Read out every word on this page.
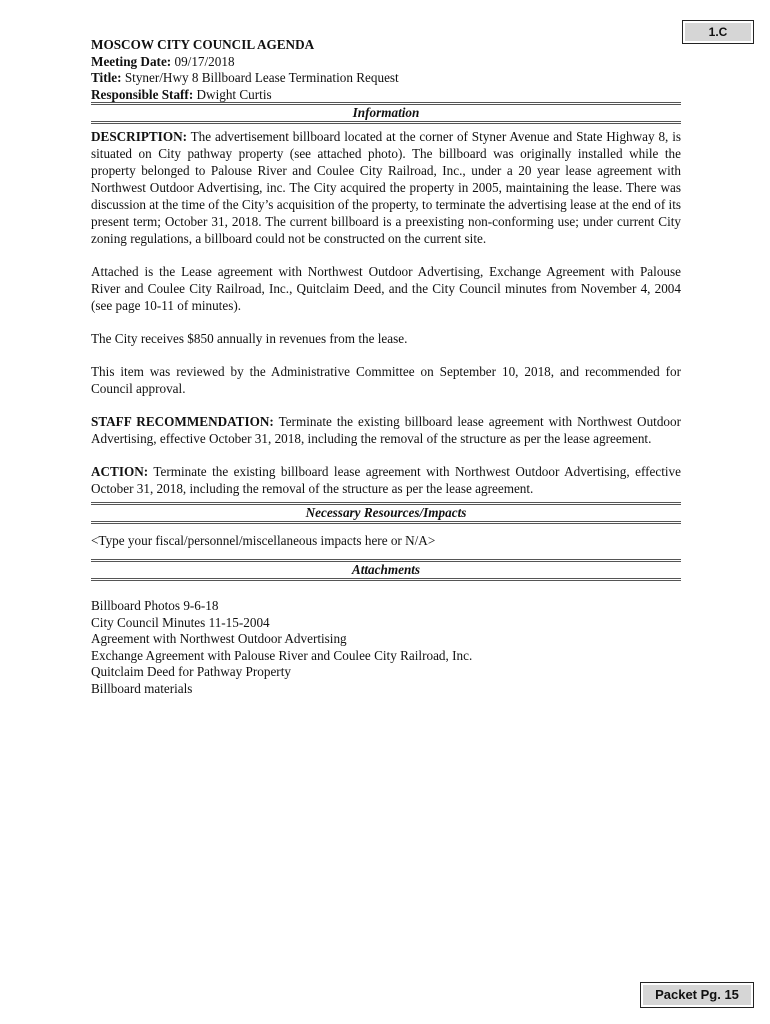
1.C
MOSCOW CITY COUNCIL AGENDA
Meeting Date: 09/17/2018
Title: Styner/Hwy 8 Billboard Lease Termination Request
Responsible Staff: Dwight Curtis
Information

DESCRIPTION: The advertisement billboard located at the corner of Styner Avenue and State Highway 8, is situated on City pathway property (see attached photo). The billboard was originally installed while the property belonged to Palouse River and Coulee City Railroad, Inc., under a 20 year lease agreement with Northwest Outdoor Advertising, inc. The City acquired the property in 2005, maintaining the lease. There was discussion at the time of the City’s acquisition of the property, to terminate the advertising lease at the end of its present term; October 31, 2018. The current billboard is a preexisting non-conforming use; under current City zoning regulations, a billboard could not be constructed on the current site.

Attached is the Lease agreement with Northwest Outdoor Advertising, Exchange Agreement with Palouse River and Coulee City Railroad, Inc., Quitclaim Deed, and the City Council minutes from November 4, 2004 (see page 10-11 of minutes).

The City receives $850 annually in revenues from the lease.

This item was reviewed by the Administrative Committee on September 10, 2018, and recommended for Council approval.

STAFF RECOMMENDATION: Terminate the existing billboard lease agreement with Northwest Outdoor Advertising, effective October 31, 2018, including the removal of the structure as per the lease agreement.

ACTION: Terminate the existing billboard lease agreement with Northwest Outdoor Advertising, effective October 31, 2018, including the removal of the structure as per the lease agreement.

Necessary Resources/Impacts

<Type your fiscal/personnel/miscellaneous impacts here or N/A>

Attachments
Billboard Photos 9-6-18
City Council Minutes 11-15-2004
Agreement with Northwest Outdoor Advertising
Exchange Agreement with Palouse River and Coulee City Railroad, Inc.
Quitclaim Deed for Pathway Property
Billboard materials
Packet Pg. 15
